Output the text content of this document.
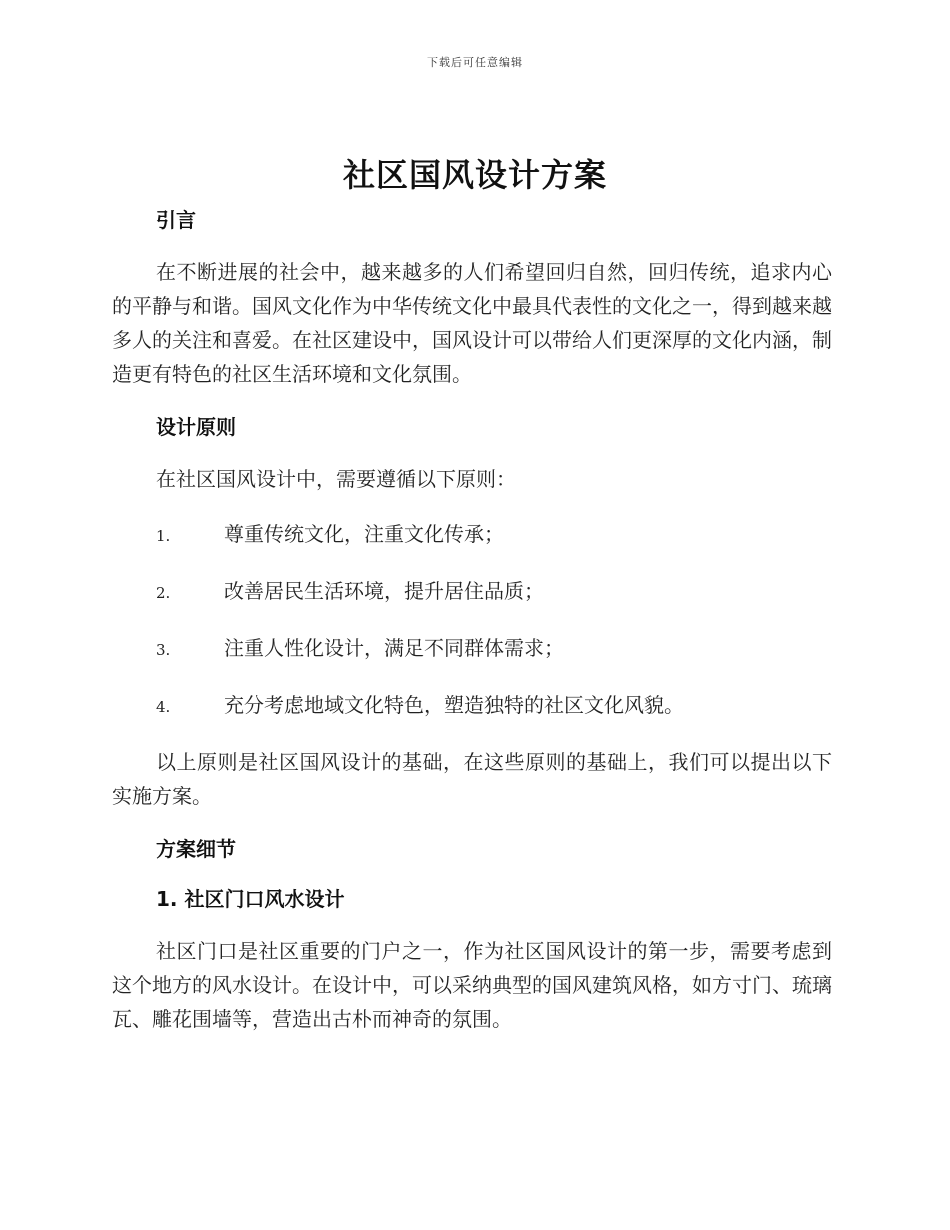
下载后可任意编辑
社区国风设计方案
引言

在不断进展的社会中，越来越多的人们希望回归自然，回归传统，追求内心的平静与和谐。国风文化作为中华传统文化中最具代表性的文化之一，得到越来越多人的关注和喜爱。在社区建设中，国风设计可以带给人们更深厚的文化内涵，制造更有特色的社区生活环境和文化氛围。

设计原则

在社区国风设计中，需要遵循以下原则：

1.	尊重传统文化，注重文化传承；
2.	改善居民生活环境，提升居住品质；
3.	注重人性化设计，满足不同群体需求；
4.	充分考虑地域文化特色，塑造独特的社区文化风貌。

以上原则是社区国风设计的基础，在这些原则的基础上，我们可以提出以下实施方案。

方案细节
1. 社区门口风水设计

社区门口是社区重要的门户之一，作为社区国风设计的第一步，需要考虑到这个地方的风水设计。在设计中，可以采纳典型的国风建筑风格，如方寸门、琉璃瓦、雕花围墙等，营造出古朴而神奇的氛围。
